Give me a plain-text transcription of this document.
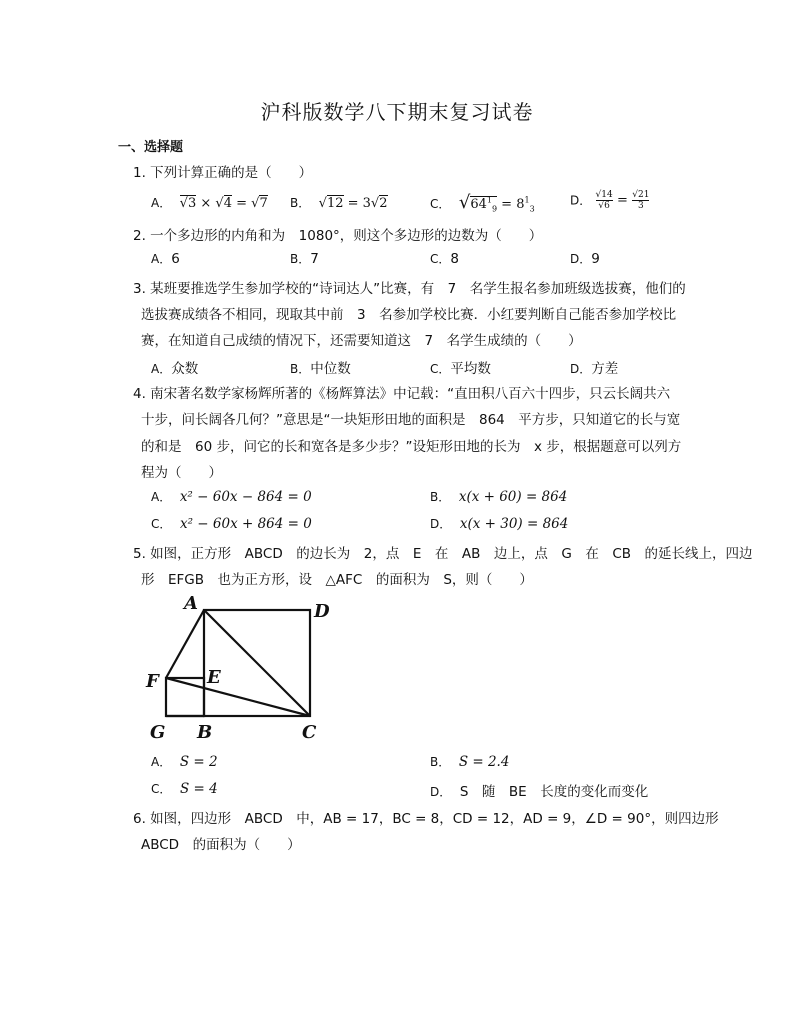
沪科版数学八下期末复习试卷
一、选择题
1. 下列计算正确的是（　　）
A． √3 × √4 = √7 B．  √12 = 3√2	C． $√64^1_9 = 8^1_3$
D． $\frac{√14}{√6} = \frac{√21}{3}$
2. 一个多边形的内角和为　1080°，则这个多边形的边数为（　　）
A．6	B．7	C．8	D．9
3. 某班要推选学生参加学校的“诗词达人”比赛，有　7　名学生报名参加班级选拔赛，他们的
选拔赛成绩各不相同，现取其中前　3　名参加学校比赛．小红要判断自己能否参加学校比
赛，在知道自己成绩的情况下，还需要知道这　7　名学生成绩的（　　）
A．众数	B．中位数	C．平均数	D．方差
4. 南宋著名数学家杨辉所著的《杨辉算法》中记载：“直田积八百六十四步，只云长阔共六
十步，问长阔各几何？”意思是“一块矩形田地的面积是　864　平方步，只知道它的长与宽
的和是　60 步，问它的长和宽各是多少步？”设矩形田地的长为　x 步，根据题意可以列方
程为（　　）
A． x² − 60x − 864 = 0	B． x(x + 60) = 864
C． x² − 60x + 864 = 0	D． x(x + 30) = 864
5. 如图，正方形　ABCD　的边长为　2，点　E　在　AB　边上，点　G　在　CB　的延长线上，四边
形　EFGB　也为正方形，设　△AFC　的面积为　S，则（　　）
A	D
F	E
G B	C
A． S = 2	B． S = 2.4
C． S = 4	D． S　随　BE　长度的变化而变化
6. 如图，四边形　ABCD　中，AB = 17，BC = 8，CD = 12，AD = 9，∠D = 90°，则四边形
ABCD　的面积为（　　）
